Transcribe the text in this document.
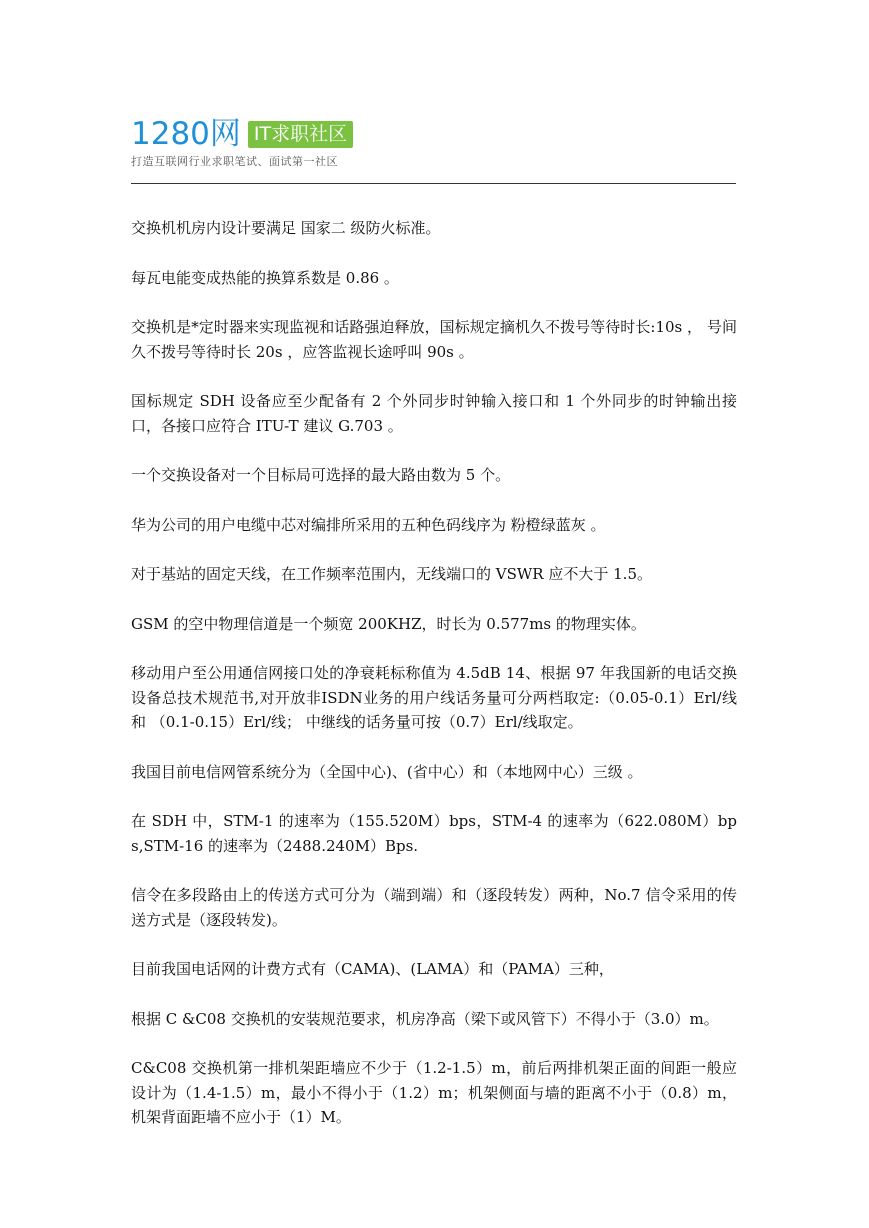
1280网 IT求职社区
打造互联网行业求职笔试、面试第一社区

交换机机房内设计要满足 国家二 级防火标准。

每瓦电能变成热能的换算系数是 0.86 。

交换机是*定时器来实现监视和话路强迫释放，国标规定摘机久不拨号等待时长:10s ， 号间久不拨号等待时长 20s ，应答监视长途呼叫 90s 。

国标规定 SDH 设备应至少配备有 2 个外同步时钟输入接口和 1 个外同步的时钟输出接口，各接口应符合 ITU-T 建议 G.703 。

一个交换设备对一个目标局可选择的最大路由数为 5 个。

华为公司的用户电缆中芯对编排所采用的五种色码线序为 粉橙绿蓝灰 。

对于基站的固定天线，在工作频率范围内，无线端口的 VSWR 应不大于 1.5。

GSM 的空中物理信道是一个频宽 200KHZ，时长为 0.577ms 的物理实体。

移动用户至公用通信网接口处的净衰耗标称值为 4.5dB 14、根据 97 年我国新的电话交换设备总技术规范书,对开放非ISDN业务的用户线话务量可分两档取定:（0.05-0.1）Erl/线和 （0.1-0.15）Erl/线； 中继线的话务量可按（0.7）Erl/线取定。

我国目前电信网管系统分为（全国中心)、(省中心）和（本地网中心）三级 。

在 SDH 中，STM-1 的速率为（155.520M）bps，STM-4 的速率为（622.080M）bps,STM-16 的速率为（2488.240M）Bps.

信令在多段路由上的传送方式可分为（端到端）和（逐段转发）两种，No.7 信令采用的传送方式是（逐段转发)。

目前我国电话网的计费方式有（CAMA)、(LAMA）和（PAMA）三种，

根据 C &C08 交换机的安装规范要求，机房净高（梁下或风管下）不得小于（3.0）m。

C&C08 交换机第一排机架距墙应不少于（1.2-1.5）m，前后两排机架正面的间距一般应设计为（1.4-1.5）m，最小不得小于（1.2）m；机架侧面与墙的距离不小于（0.8）m，机架背面距墙不应小于（1）M。
